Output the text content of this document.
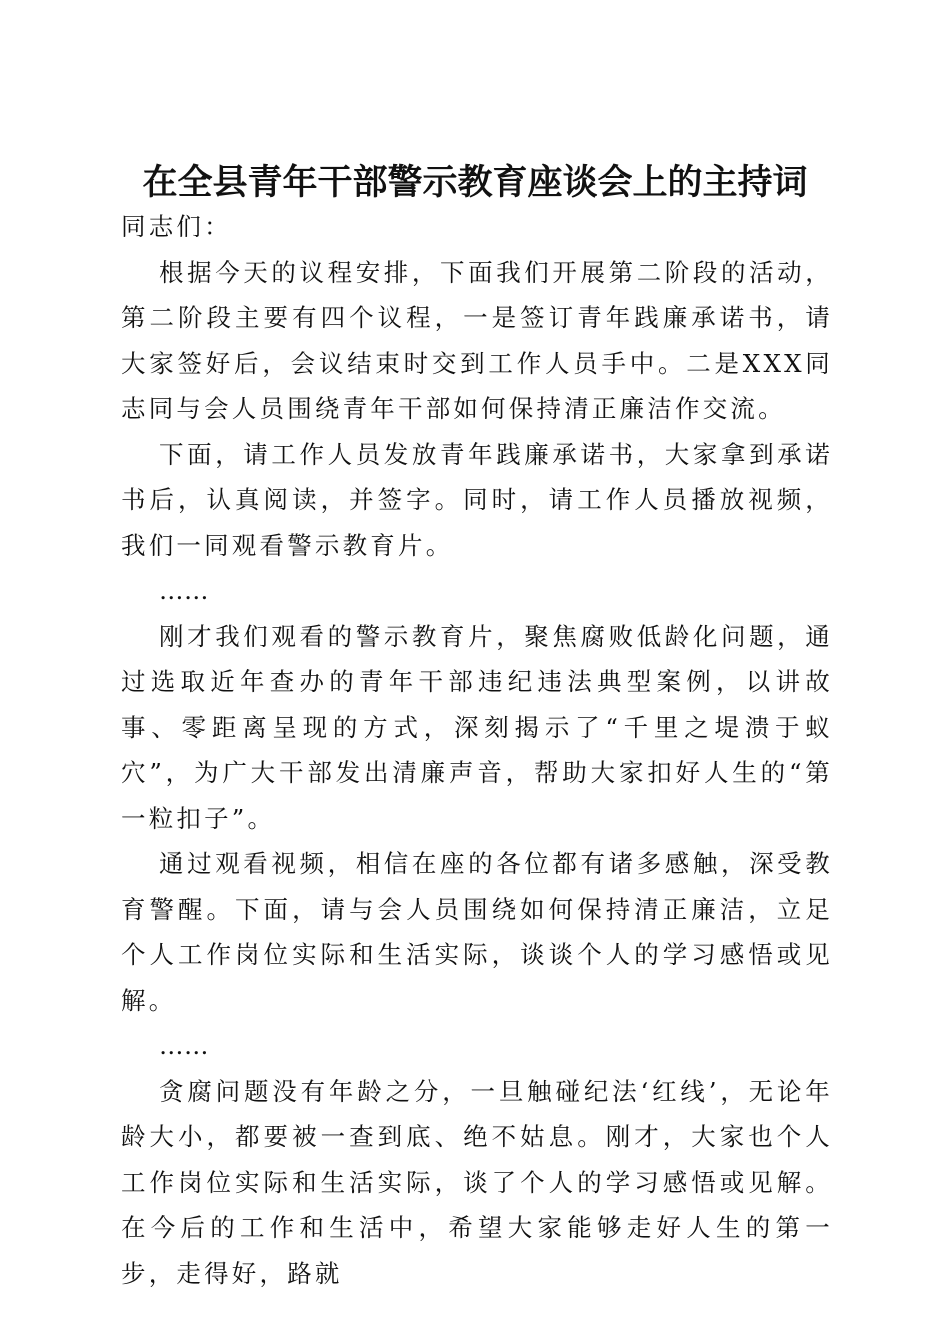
在全县青年干部警示教育座谈会上的主持词

同志们：

根据今天的议程安排，下面我们开展第二阶段的活动，第二阶段主要有四个议程，一是签订青年践廉承诺书，请大家签好后，会议结束时交到工作人员手中。二是XXX同志同与会人员围绕青年干部如何保持清正廉洁作交流。

下面，请工作人员发放青年践廉承诺书，大家拿到承诺书后，认真阅读，并签字。同时，请工作人员播放视频，我们一同观看警示教育片。

……

刚才我们观看的警示教育片，聚焦腐败低龄化问题，通过选取近年查办的青年干部违纪违法典型案例，以讲故事、零距离呈现的方式，深刻揭示了“千里之堤溃于蚁穴”，为广大干部发出清廉声音，帮助大家扣好人生的“第一粒扣子”。

通过观看视频，相信在座的各位都有诸多感触，深受教育警醒。下面，请与会人员围绕如何保持清正廉洁，立足个人工作岗位实际和生活实际，谈谈个人的学习感悟或见解。

……

贪腐问题没有年龄之分，一旦触碰纪法‘红线’，无论年龄大小，都要被一查到底、绝不姑息。刚才，大家也个人工作岗位实际和生活实际，谈了个人的学习感悟或见解。在今后的工作和生活中，希望大家能够走好人生的第一步，走得好，路就
